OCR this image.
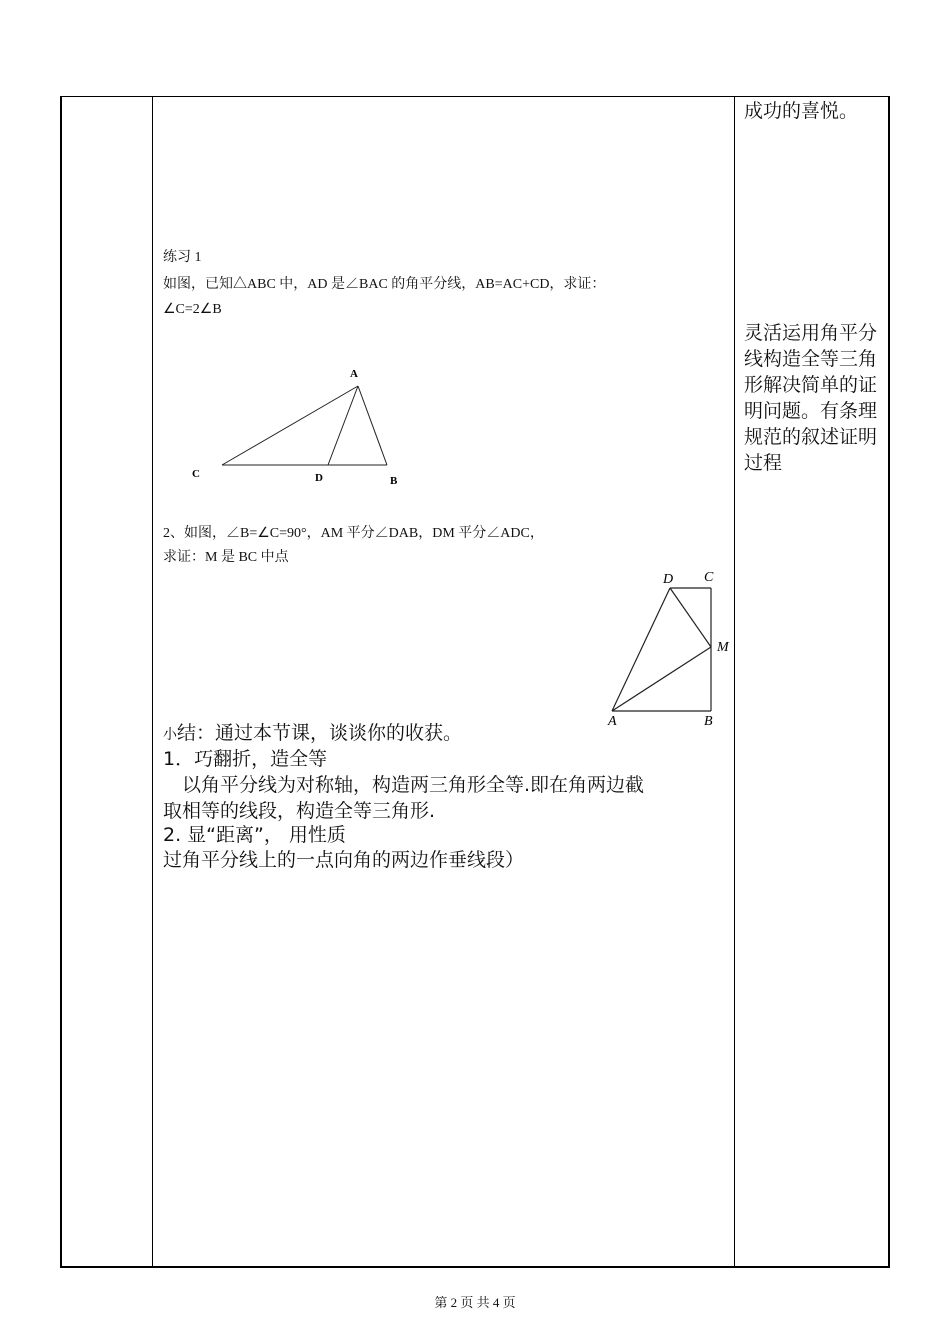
成功的喜悦。
灵活运用角平分线构造全等三角形解决简单的证明问题。有条理规范的叙述证明过程
练习 1
如图，已知△ABC 中，AD 是∠BAC 的角平分线，AB=AC+CD，求证：
∠C=2∠B
A
C	D	B
2、如图，∠B=∠C=90°，AM 平分∠DAB，DM 平分∠ADC，
求证：M 是 BC 中点
D C
M
A	B
小结：通过本节课，谈谈你的收获。
1．巧翻折，造全等
　以角平分线为对称轴，构造两三角形全等.即在角两边截
取相等的线段，构造全等三角形.
2. 显“距离”， 用性质
过角平分线上的一点向角的两边作垂线段）
第 2 页 共 4 页
